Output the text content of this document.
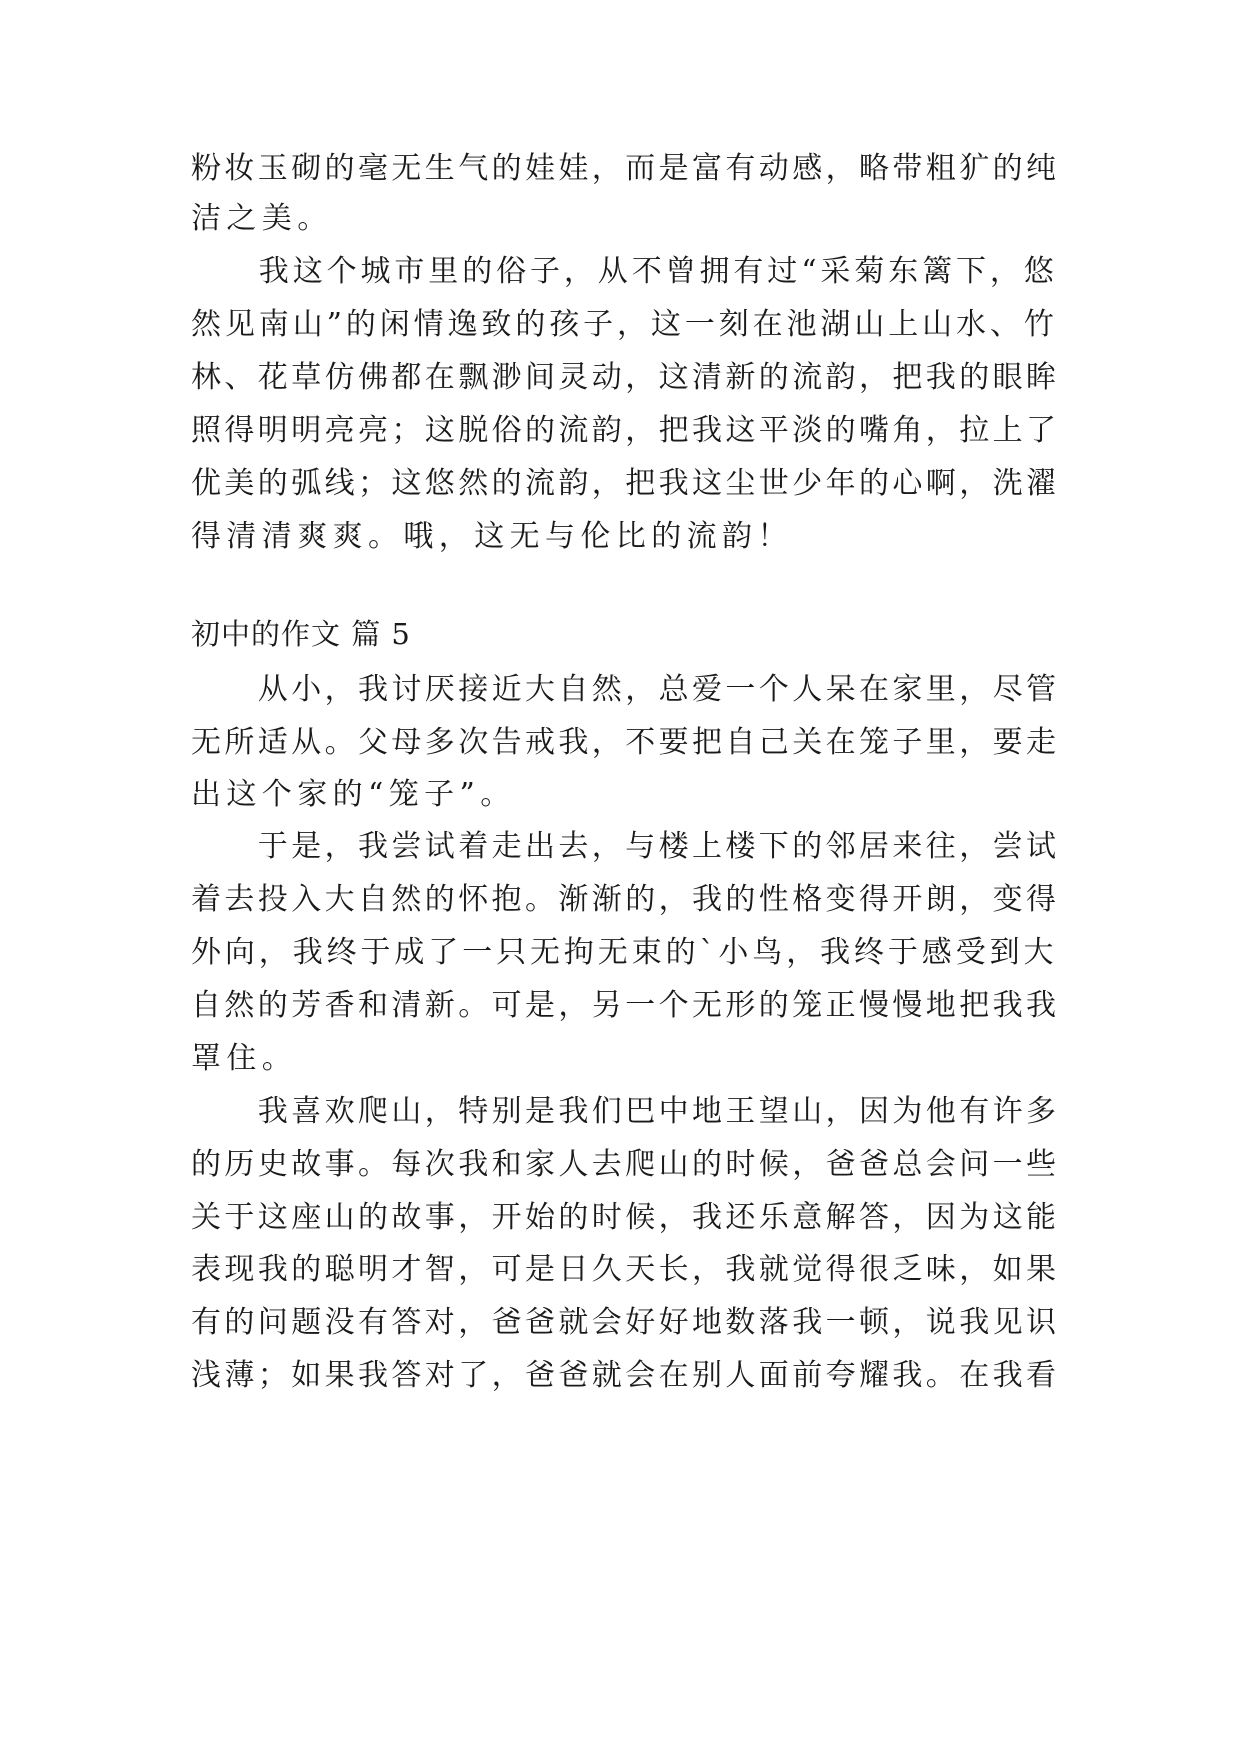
粉妆玉砌的毫无生气的娃娃，而是富有动感，略带粗犷的纯
洁之美。
　　我这个城市里的俗子，从不曾拥有过“采菊东篱下，悠
然见南山”的闲情逸致的孩子，这一刻在池湖山上山水、竹
林、花草仿佛都在飘渺间灵动，这清新的流韵，把我的眼眸
照得明明亮亮；这脱俗的流韵，把我这平淡的嘴角，拉上了
优美的弧线；这悠然的流韵，把我这尘世少年的心啊，洗濯
得清清爽爽。哦，这无与伦比的流韵！
初中的作文 篇 5
　　从小，我讨厌接近大自然，总爱一个人呆在家里，尽管
无所适从。父母多次告戒我，不要把自己关在笼子里，要走
出这个家的“笼子”。
　　于是，我尝试着走出去，与楼上楼下的邻居来往，尝试
着去投入大自然的怀抱。渐渐的，我的性格变得开朗，变得
外向，我终于成了一只无拘无束的`小鸟，我终于感受到大
自然的芳香和清新。可是，另一个无形的笼正慢慢地把我我
罩住。
　　我喜欢爬山，特别是我们巴中地王望山，因为他有许多
的历史故事。每次我和家人去爬山的时候，爸爸总会问一些
关于这座山的故事，开始的时候，我还乐意解答，因为这能
表现我的聪明才智，可是日久天长，我就觉得很乏味，如果
有的问题没有答对，爸爸就会好好地数落我一顿，说我见识
浅薄；如果我答对了，爸爸就会在别人面前夸耀我。在我看
